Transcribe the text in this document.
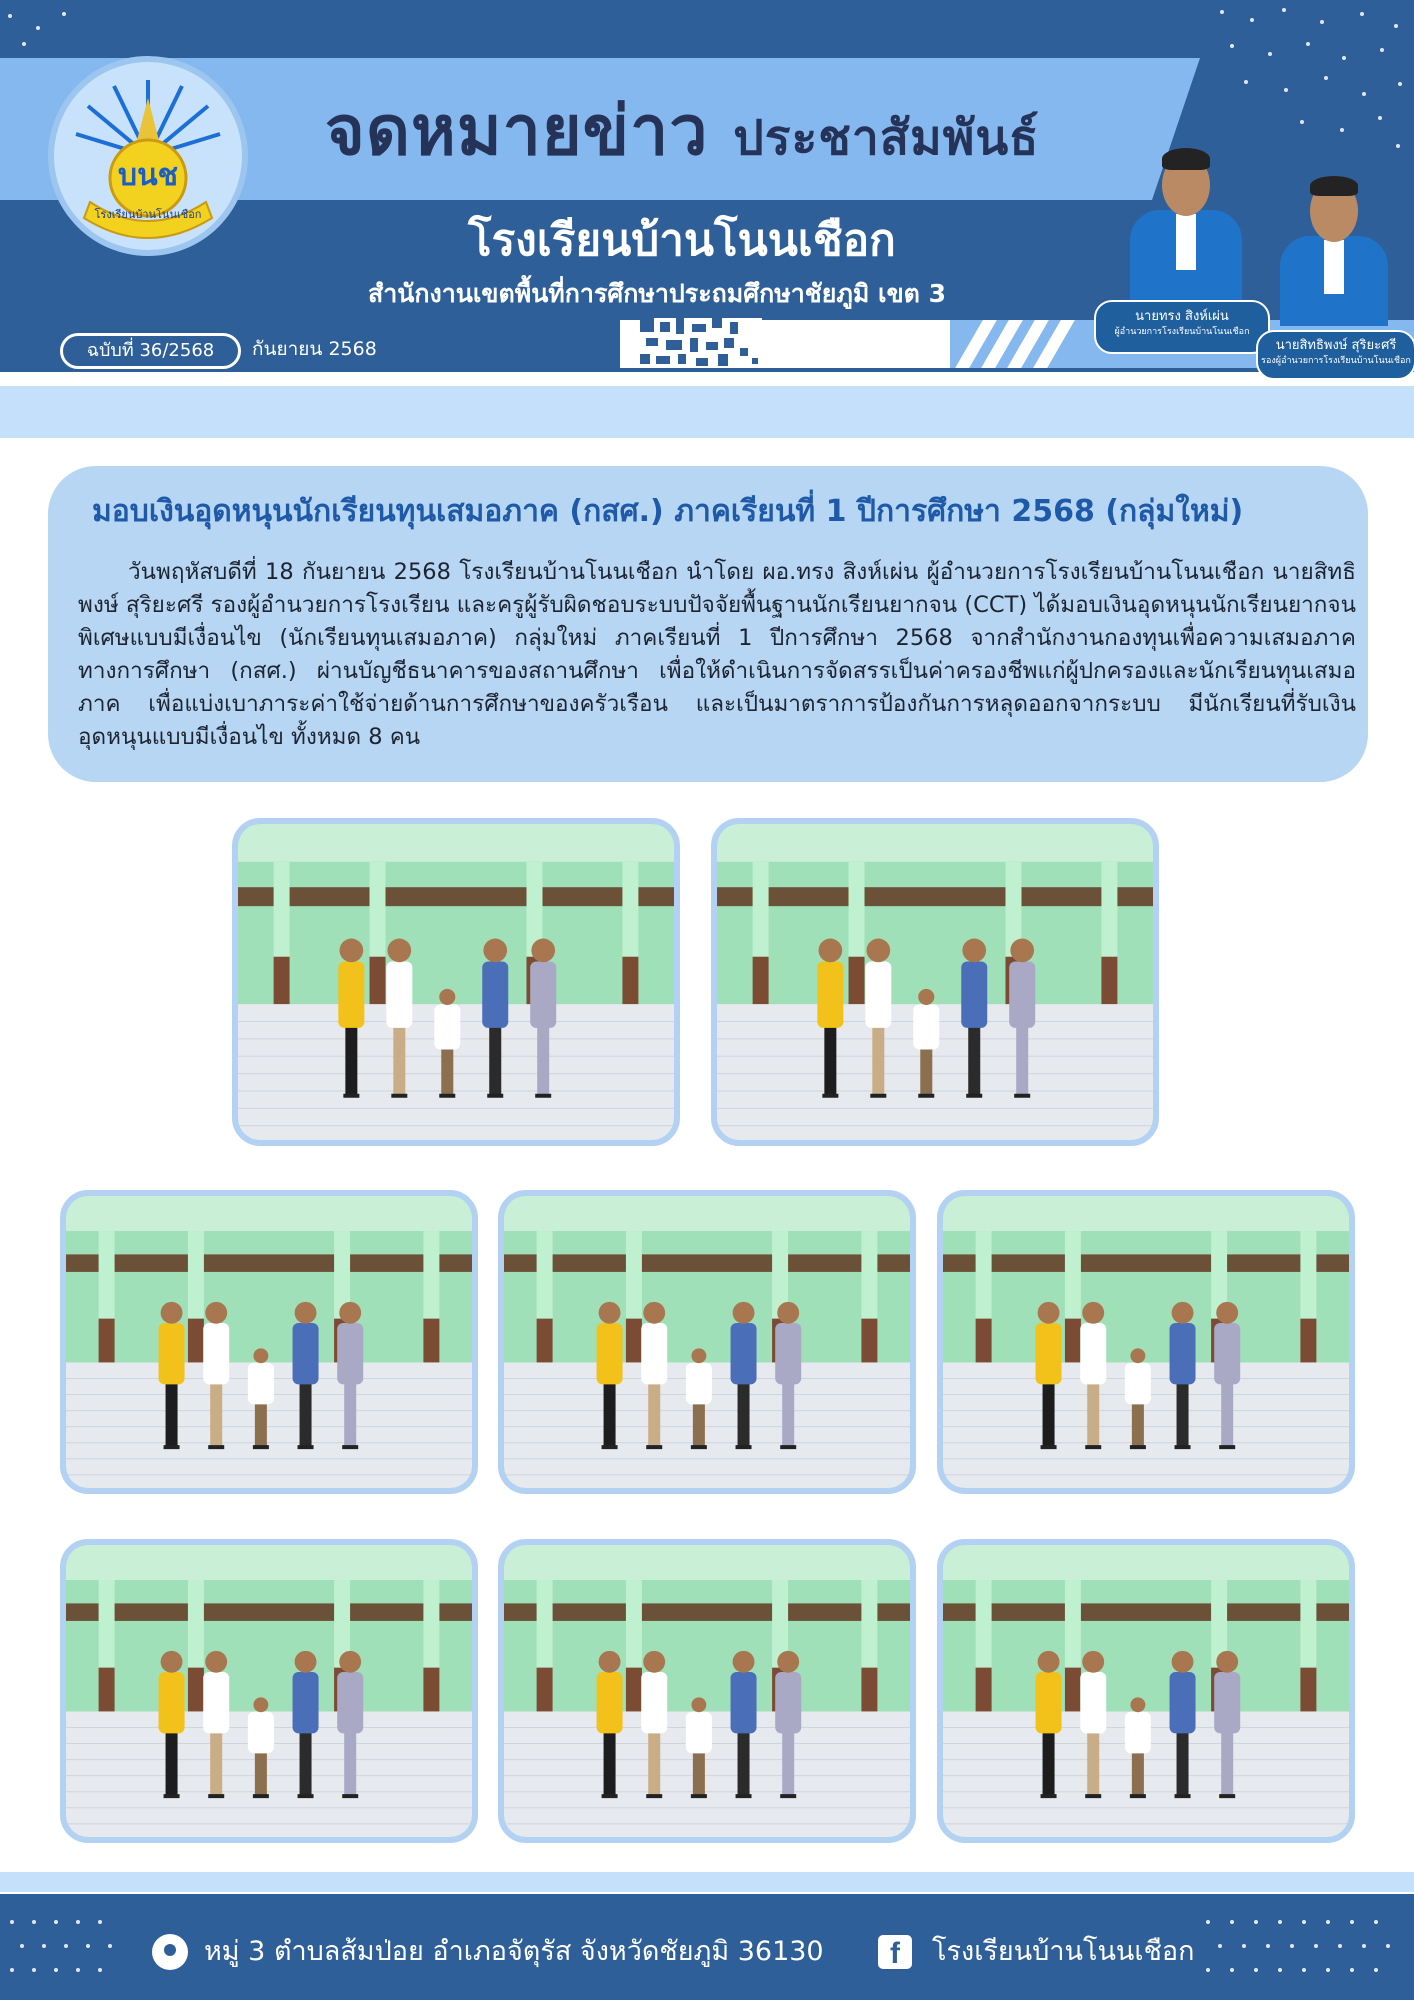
บนช
โรงเรียนบ้านโนนเชือก
จดหมายข่าว ประชาสัมพันธ์
โรงเรียนบ้านโนนเชือก
สำนักงานเขตพื้นที่การศึกษาประถมศึกษาชัยภูมิ เขต 3
ฉบับที่ 36/2568	กันยายน 2568
นายทรง สิงห์เผ่น
ผู้อำนวยการโรงเรียนบ้านโนนเชือก
นายสิทธิพงษ์ สุริยะศรี
รองผู้อำนวยการโรงเรียนบ้านโนนเชือก
มอบเงินอุดหนุนนักเรียนทุนเสมอภาค (กสศ.) ภาคเรียนที่ 1 ปีการศึกษา 2568 (กลุ่มใหม่)
วันพฤหัสบดีที่ 18 กันยายน 2568 โรงเรียนบ้านโนนเชือก นำโดย ผอ.ทรง สิงห์เผ่น ผู้อำนวยการโรงเรียนบ้านโนนเชือก นายสิทธิพงษ์ สุริยะศรี รองผู้อำนวยการโรงเรียน และครูผู้รับผิดชอบระบบปัจจัยพื้นฐานนักเรียนยากจน (CCT) ได้มอบเงินอุดหนุนนักเรียนยากจนพิเศษแบบมีเงื่อนไข (นักเรียนทุนเสมอภาค) กลุ่มใหม่ ภาคเรียนที่ 1 ปีการศึกษา 2568 จากสำนักงานกองทุนเพื่อความเสมอภาคทางการศึกษา (กสศ.) ผ่านบัญชีธนาคารของสถานศึกษา เพื่อให้ดำเนินการจัดสรรเป็นค่าครองชีพแก่ผู้ปกครองและนักเรียนทุนเสมอภาค เพื่อแบ่งเบาภาระค่าใช้จ่ายด้านการศึกษาของครัวเรือน และเป็นมาตราการป้องกันการหลุดออกจากระบบ มีนักเรียนที่รับเงินอุดหนุนแบบมีเงื่อนไข ทั้งหมด 8 คน
หมู่ 3 ตำบลส้มป่อย อำเภอจัตุรัส จังหวัดชัยภูมิ 36130	f	โรงเรียนบ้านโนนเชือก
